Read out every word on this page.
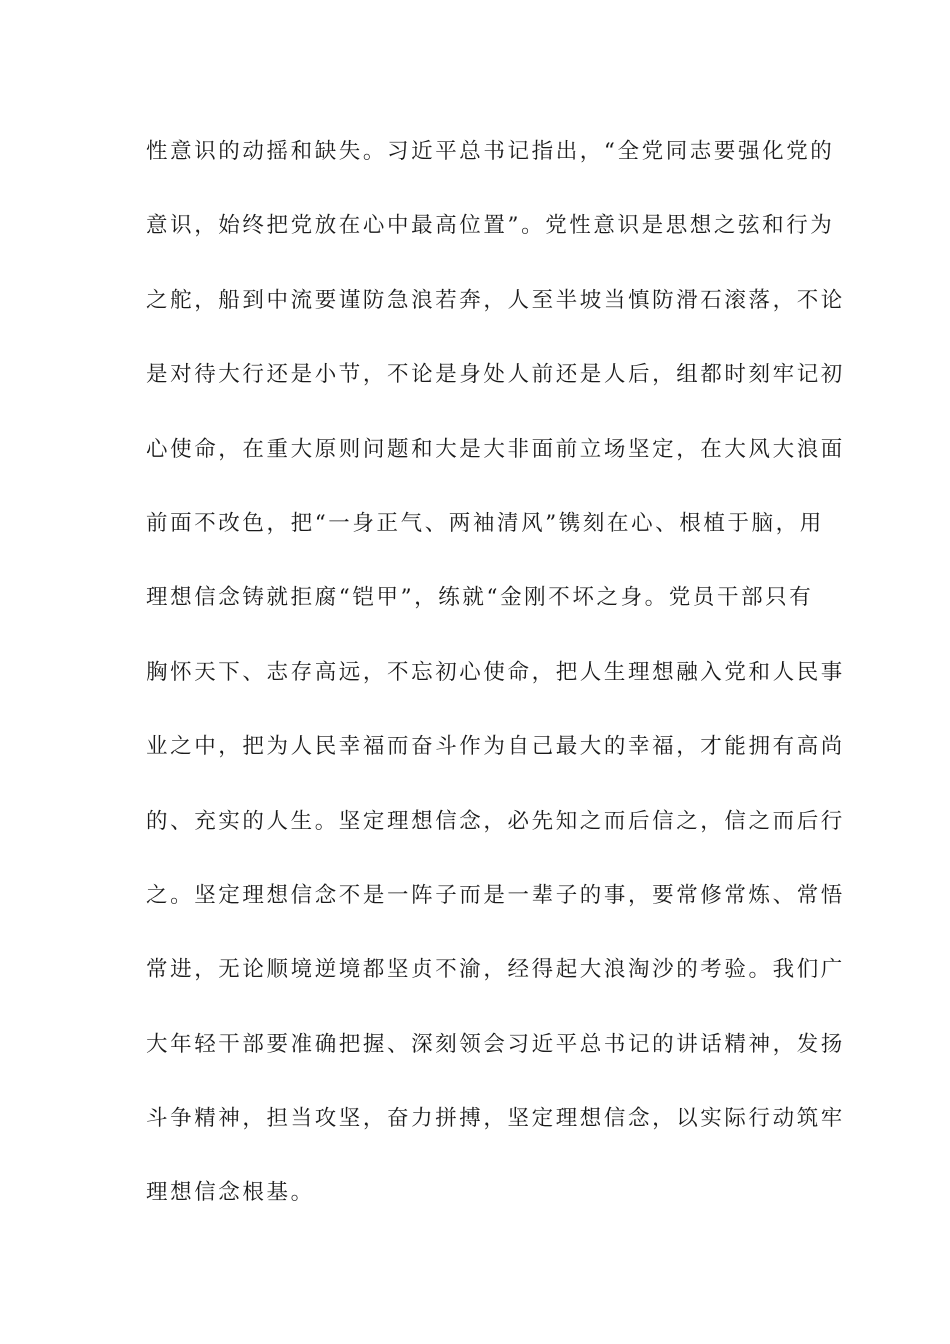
性意识的动摇和缺失。习近平总书记指出，“全党同志要强化党的
意识，始终把党放在心中最高位置”。党性意识是思想之弦和行为
之舵，船到中流要谨防急浪若奔，人至半坡当慎防滑石滚落，不论
是对待大行还是小节，不论是身处人前还是人后，组都时刻牢记初
心使命，在重大原则问题和大是大非面前立场坚定，在大风大浪面
前面不改色，把“一身正气、两袖清风”镌刻在心、根植于脑，用
理想信念铸就拒腐“铠甲”，练就“金刚不坏之身。党员干部只有
胸怀天下、志存高远，不忘初心使命，把人生理想融入党和人民事
业之中，把为人民幸福而奋斗作为自己最大的幸福，才能拥有高尚
的、充实的人生。坚定理想信念，必先知之而后信之，信之而后行
之。坚定理想信念不是一阵子而是一辈子的事，要常修常炼、常悟
常进，无论顺境逆境都坚贞不渝，经得起大浪淘沙的考验。我们广
大年轻干部要准确把握、深刻领会习近平总书记的讲话精神，发扬
斗争精神，担当攻坚，奋力拼搏，坚定理想信念，以实际行动筑牢
理想信念根基。
